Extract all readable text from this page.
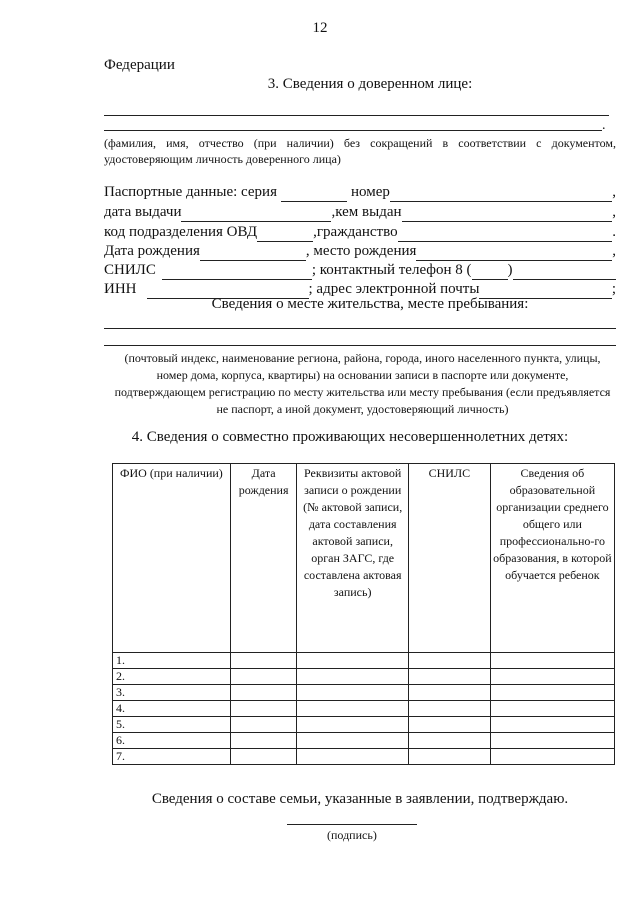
12
Федерации
3. Сведения о доверенном лице:
.
(фамилия, имя, отчество (при наличии) без сокращений в соответствии с документом, удостоверяющим личность доверенного лица)
Паспортные данные: серия	номер	,
дата выдачи	,кем выдан	,
код подразделения ОВД	,гражданство	.
Дата рождения	, место рождения	,
СНИЛС	; контактный телефон 8 ( )
ИНН	; адрес электронной почты	;
Сведения о месте жительства, месте пребывания:
(почтовый индекс, наименование региона, района, города, иного населенного пункта, улицы, номер дома, корпуса, квартиры) на основании записи в паспорте или документе, подтверждающем регистрацию по месту жительства или месту пребывания (если предъявляется не паспорт, а иной документ, удостоверяющий личность)
4. Сведения о совместно проживающих несовершеннолетних детях:
ФИО (при наличии)	Дата рождения	Реквизиты актовой записи о рождении (№ актовой записи, дата составления актовой записи, орган ЗАГС, где составлена актовая запись)	СНИЛС	Сведения об образовательной организации среднего общего или профессионально-го образования, в которой обучается ребенок
1.				
2.				
3.				
4.				
5.				
6.				
7.				
Сведения о составе семьи, указанные в заявлении, подтверждаю.
(подпись)
